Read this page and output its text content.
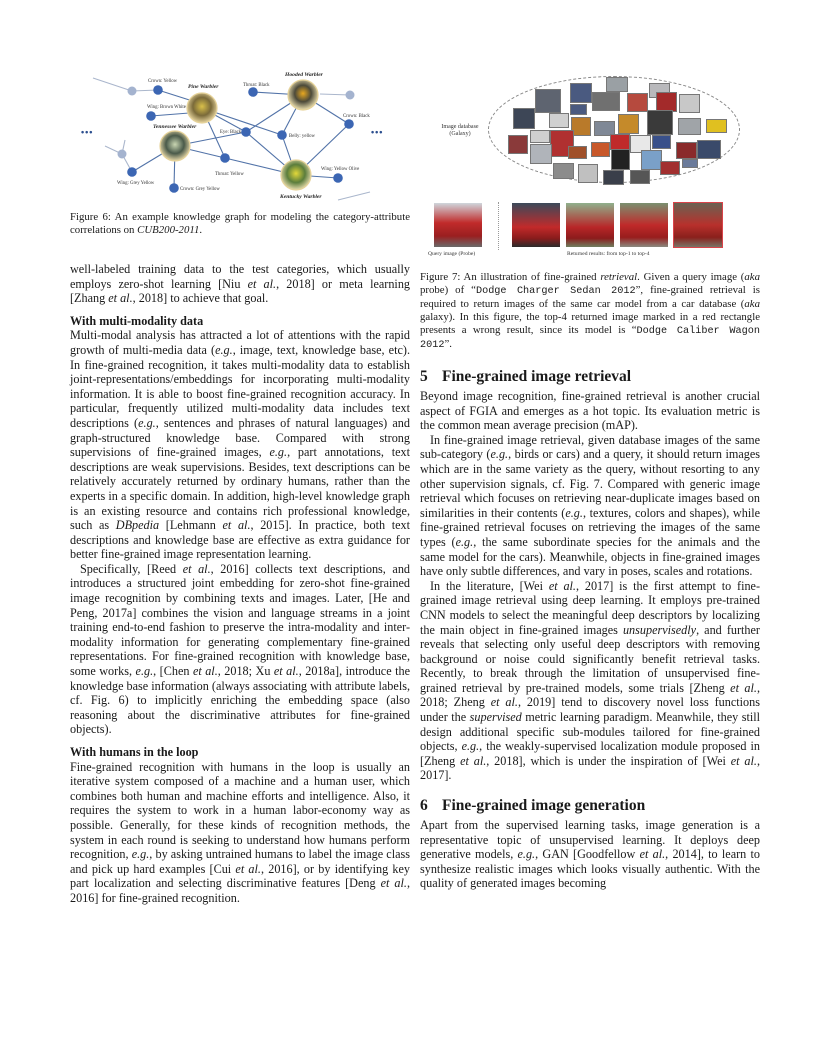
Pine Warbler
Hooded Warbler
Tennessee Warbler
Kentucky Warbler
Crown: Yellow
Wing: Brown White
Throat: Black
Crown: Black
Eye: Black
Belly: yellow
Throat: Yellow
Wing: Yellow Olive
Wing: Grey Yellow
Crown: Grey Yellow
•••	•••
Figure 6: An example knowledge graph for modeling the category-attribute correlations on CUB200-2011.
Image database
(Galaxy)
Query image (Probe)	Returned results: from top-1 to top-4
Figure 7: An illustration of fine-grained retrieval. Given a query image (aka probe) of “Dodge Charger Sedan 2012”, fine-grained retrieval is required to return images of the same car model from a car database (aka galaxy). In this figure, the top-4 returned image marked in a red rectangle presents a wrong result, since its model is “Dodge Caliber Wagon 2012”.

well-labeled training data to the test categories, which usually employs zero-shot learning [Niu et al., 2018] or meta learning [Zhang et al., 2018] to achieve that goal.

With multi-modality data

Multi-modal analysis has attracted a lot of attentions with the rapid growth of multi-media data (e.g., image, text, knowledge base, etc). In fine-grained recognition, it takes multi-modality data to establish joint-representations/embeddings for incorporating multi-modality information. It is able to boost fine-grained recognition accuracy. In particular, frequently utilized multi-modality data includes text descriptions (e.g., sentences and phrases of natural languages) and graph-structured knowledge base. Compared with strong supervisions of fine-grained images, e.g., part annotations, text descriptions are weak supervisions. Besides, text descriptions can be relatively accurately returned by ordinary humans, rather than the experts in a specific domain. In addition, high-level knowledge graph is an existing resource and contains rich professional knowledge, such as DBpedia [Lehmann et al., 2015]. In practice, both text descriptions and knowledge base are effective as extra guidance for better fine-grained image representation learning.

Specifically, [Reed et al., 2016] collects text descriptions, and introduces a structured joint embedding for zero-shot fine-grained image recognition by combining texts and images. Later, [He and Peng, 2017a] combines the vision and language streams in a joint training end-to-end fashion to preserve the intra-modality and inter-modality information for generating complementary fine-grained representations. For fine-grained recognition with knowledge base, some works, e.g., [Chen et al., 2018; Xu et al., 2018a], introduce the knowledge base information (always associating with attribute labels, cf. Fig. 6) to implicitly enriching the embedding space (also reasoning about the discriminative attributes for fine-grained objects).

With humans in the loop

Fine-grained recognition with humans in the loop is usually an iterative system composed of a machine and a human user, which combines both human and machine efforts and intelligence. Also, it requires the system to work in a human labor-economy way as possible. Generally, for these kinds of recognition methods, the system in each round is seeking to understand how humans perform recognition, e.g., by asking untrained humans to label the image class and pick up hard examples [Cui et al., 2016], or by identifying key part localization and selecting discriminative features [Deng et al., 2016] for fine-grained recognition.

5 Fine-grained image retrieval

Beyond image recognition, fine-grained retrieval is another crucial aspect of FGIA and emerges as a hot topic. Its evaluation metric is the common mean average precision (mAP).

In fine-grained image retrieval, given database images of the same sub-category (e.g., birds or cars) and a query, it should return images which are in the same variety as the query, without resorting to any other supervision signals, cf. Fig. 7. Compared with generic image retrieval which focuses on retrieving near-duplicate images based on similarities in their contents (e.g., textures, colors and shapes), while fine-grained retrieval focuses on retrieving the images of the same types (e.g., the same subordinate species for the animals and the same model for the cars). Meanwhile, objects in fine-grained images have only subtle differences, and vary in poses, scales and rotations.

In the literature, [Wei et al., 2017] is the first attempt to fine-grained image retrieval using deep learning. It employs pre-trained CNN models to select the meaningful deep descriptors by localizing the main object in fine-grained images unsupervisedly, and further reveals that selecting only useful deep descriptors with removing background or noise could significantly benefit retrieval tasks. Recently, to break through the limitation of unsupervised fine-grained retrieval by pre-trained models, some trials [Zheng et al., 2018; Zheng et al., 2019] tend to discovery novel loss functions under the supervised metric learning paradigm. Meanwhile, they still design additional specific sub-modules tailored for fine-grained objects, e.g., the weakly-supervised localization module proposed in [Zheng et al., 2018], which is under the inspiration of [Wei et al., 2017].

6 Fine-grained image generation

Apart from the supervised learning tasks, image generation is a representative topic of unsupervised learning. It deploys deep generative models, e.g., GAN [Goodfellow et al., 2014], to learn to synthesize realistic images which looks visually authentic. With the quality of generated images becoming
